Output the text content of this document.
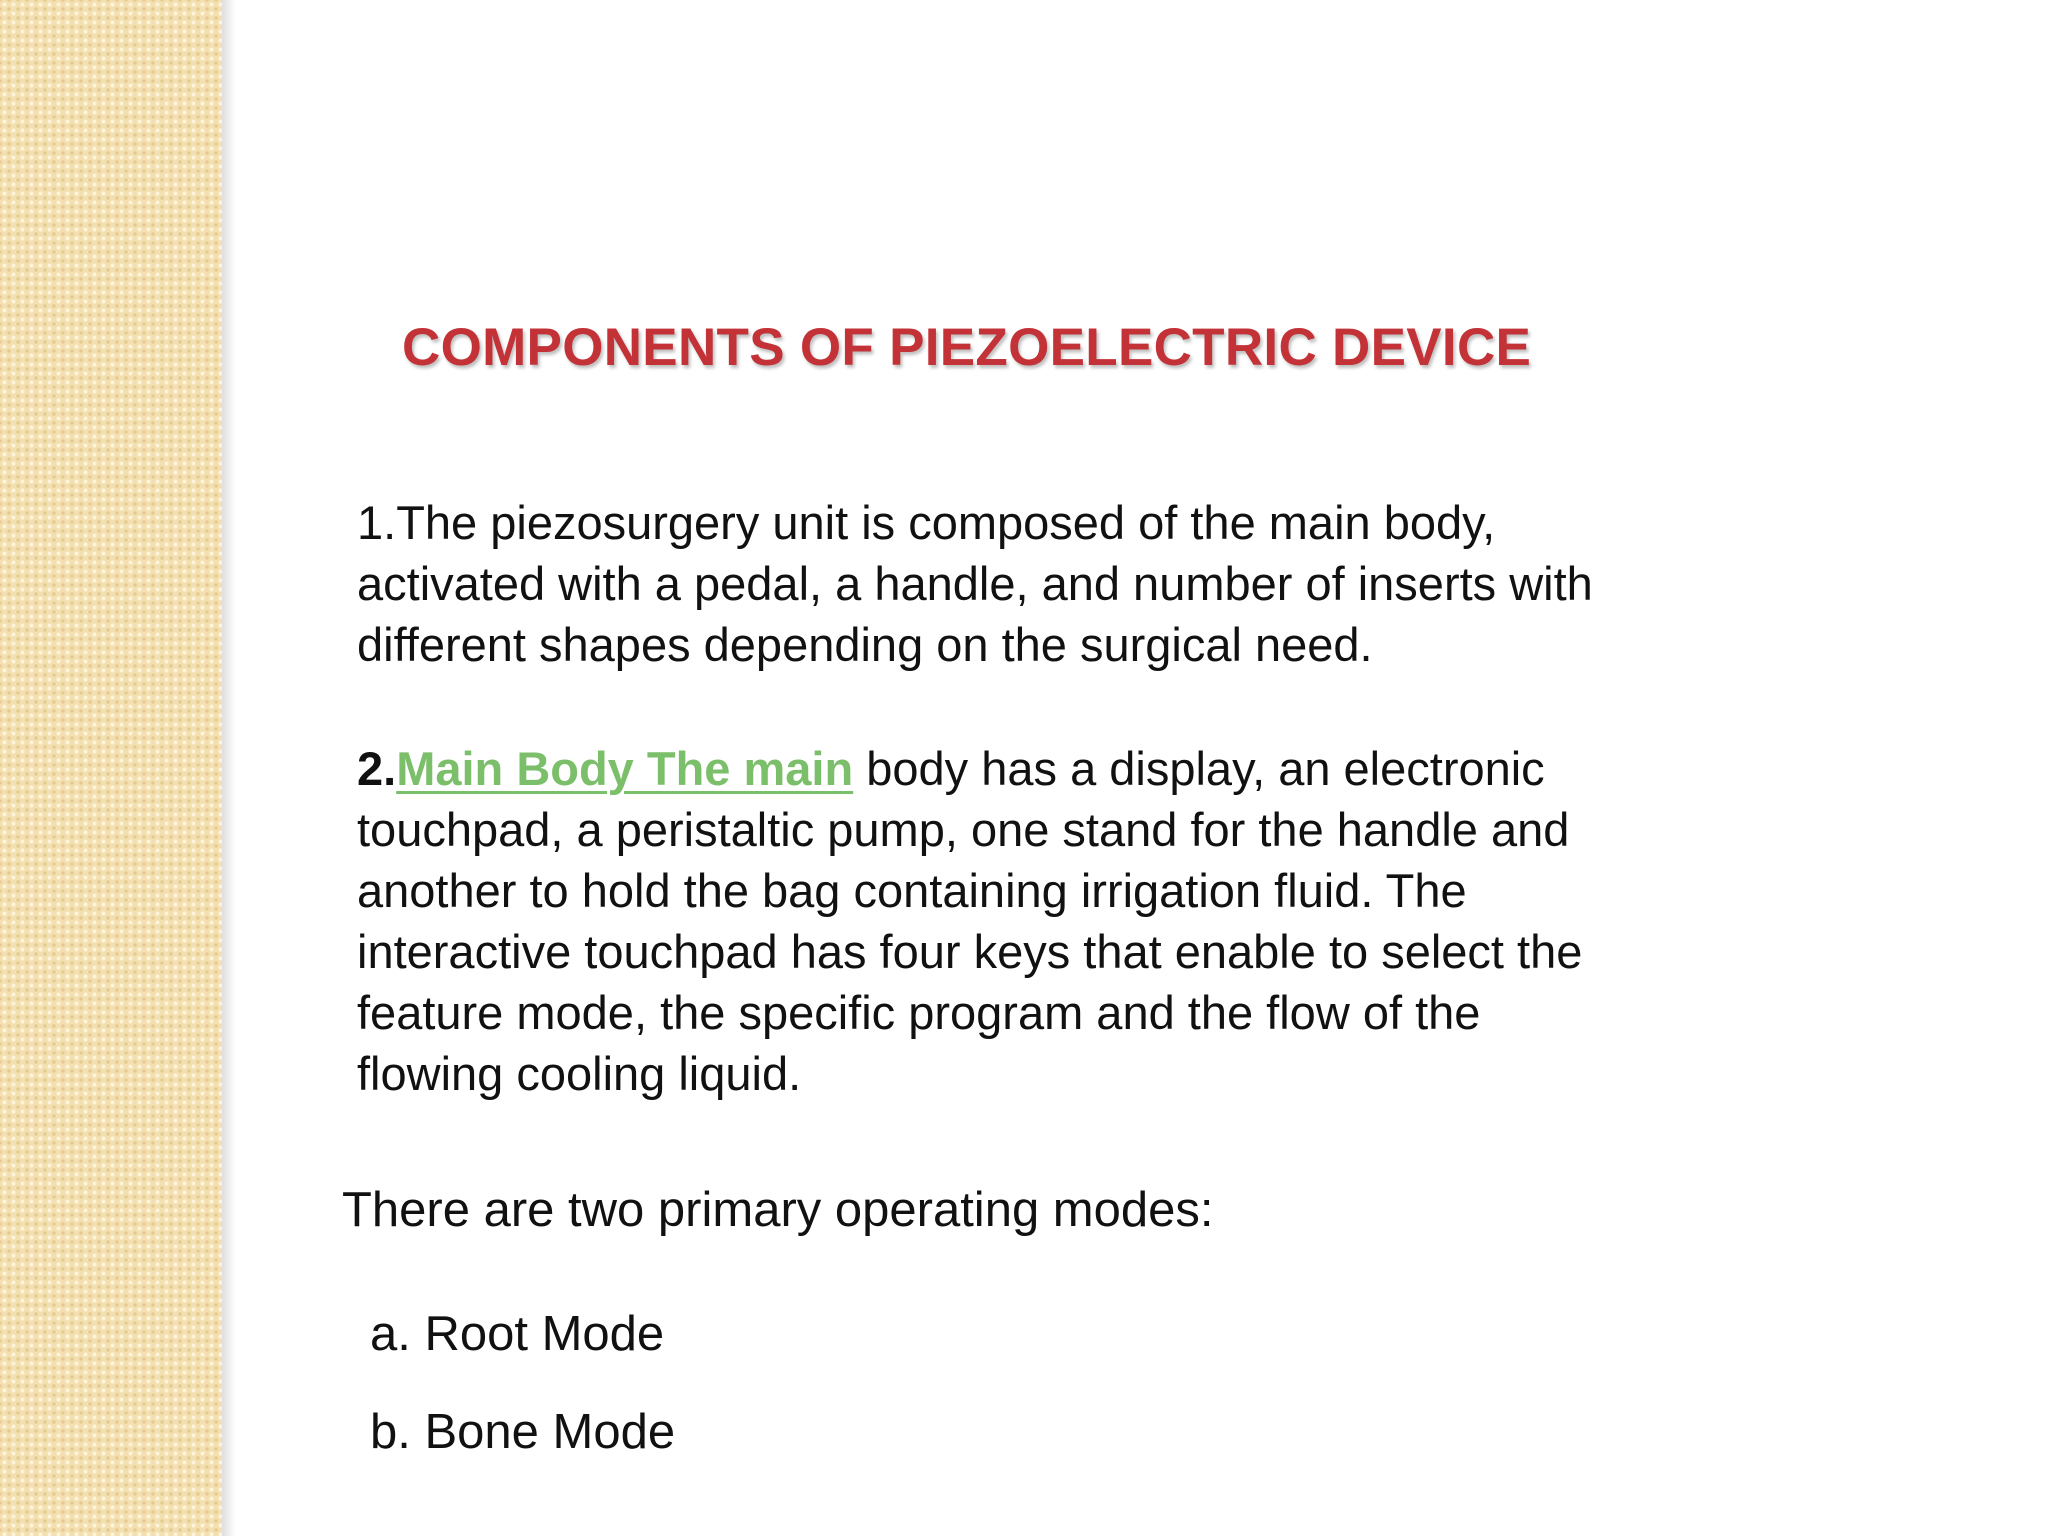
COMPONENTS OF PIEZOELECTRIC DEVICE

1.The piezosurgery unit is composed of the main body,
activated with a pedal, a handle, and number of inserts with
different shapes depending on the surgical need.

2.Main Body The main body has a display, an electronic
touchpad, a peristaltic pump, one stand for the handle and
another to hold the bag containing irrigation fluid. The
interactive touchpad has four keys that enable to select the
feature mode, the specific program and the flow of the
flowing cooling liquid.

There are two primary operating modes:

a. Root Mode

b. Bone Mode
